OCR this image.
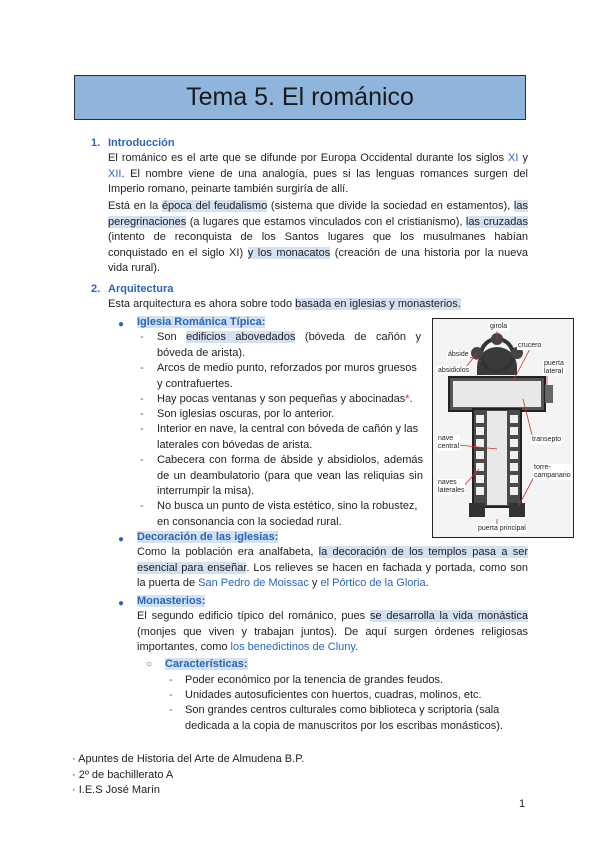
Tema 5. El románico
1. Introducción
El románico es el arte que se difunde por Europa Occidental durante los siglos XI y XII. El nombre viene de una analogía, pues si las lenguas romances surgen del Imperio romano, peinarte también surgiría de allí.
Está en la época del feudalismo (sistema que divide la sociedad en estamentos), las peregrinaciones (a lugares que estamos vinculados con el cristianismo), las cruzadas (intento de reconquista de los Santos lugares que los musulmanes habían conquistado en el siglo XI) y los monacatos (creación de una historia por la nueva vida rural).
2. Arquitectura
Esta arquitectura es ahora sobre todo basada en iglesias y monasterios.
● Iglesia Románica Típica:
- Son edificios abovedados (bóveda de cañón y bóveda de arista).
- Arcos de medio punto, reforzados por muros gruesos y contrafuertes.
- Hay pocas ventanas y son pequeñas y abocinadas*.
- Son iglesias oscuras, por lo anterior.
- Interior en nave, la central con bóveda de cañón y las laterales con bóvedas de arista.
- Cabecera con forma de ábside y absidiolos, además de un deambulatorio (para que vean las reliquias sin interrumpir la misa).
- No busca un punto de vista estético, sino la robustez, en consonancia con la sociedad rural.
girola
ábside
absidiolos
crucero
puerta
lateral
transepto
nave
central
torre-
campanario
naves
laterales
puerta principal
● Decoración de las iglesias:
Como la población era analfabeta, la decoración de los templos pasa a ser esencial para enseñar. Los relieves se hacen en fachada y portada, como son la puerta de San Pedro de Moissac y el Pórtico de la Gloria.
● Monasterios:
El segundo edificio típico del románico, pues se desarrolla la vida monástica (monjes que viven y trabajan juntos). De aquí surgen órdenes religiosas importantes, como los benedictinos de Cluny.
○ Características:
- Poder económico por la tenencia de grandes feudos.
- Unidades autosuficientes con huertos, cuadras, molinos, etc.
- Son grandes centros culturales como biblioteca y scriptoria (sala dedicada a la copia de manuscritos por los escribas monásticos).
· Apuntes de Historia del Arte de Almudena B.P.
· 2º de bachillerato A
· I.E.S José Marín
1
